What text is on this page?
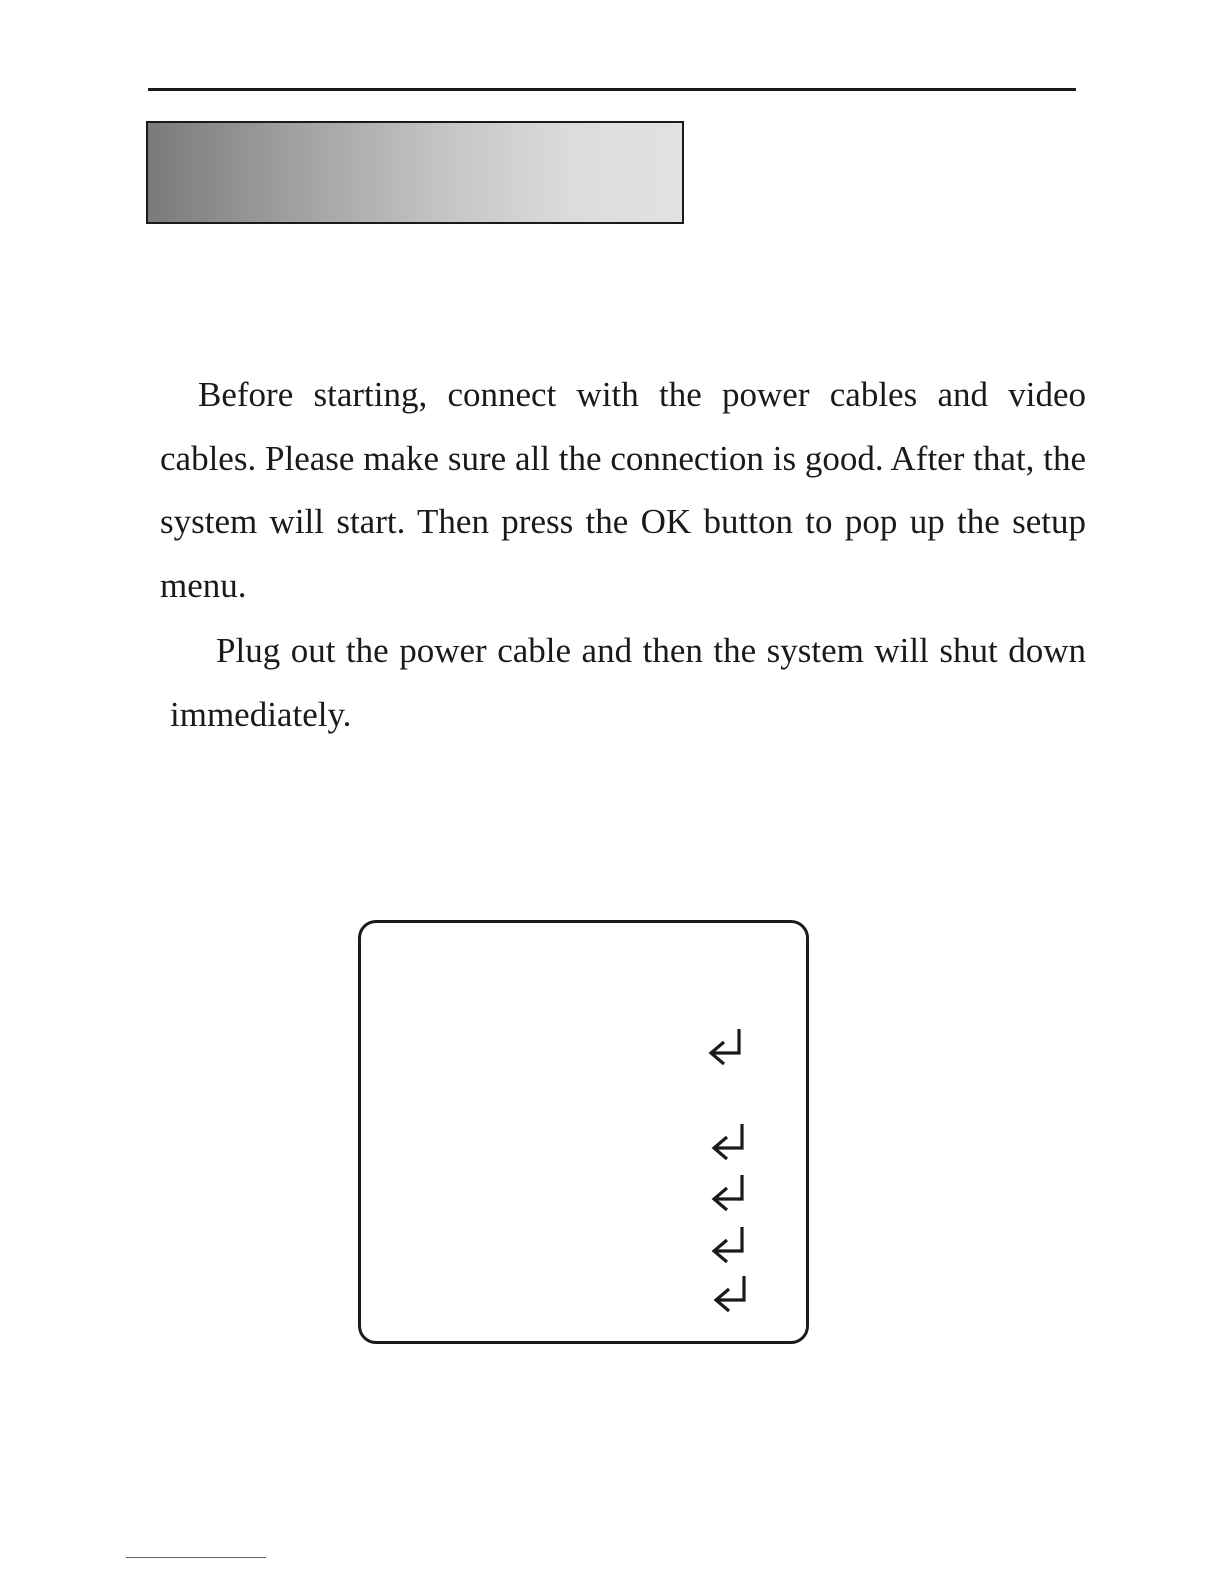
Before starting, connect with the power cables and video cables. Please make sure all the connection is good. After that, the system will start. Then press the OK button to pop up the setup menu.

Plug out the power cable and then the system will shut down immediately.
